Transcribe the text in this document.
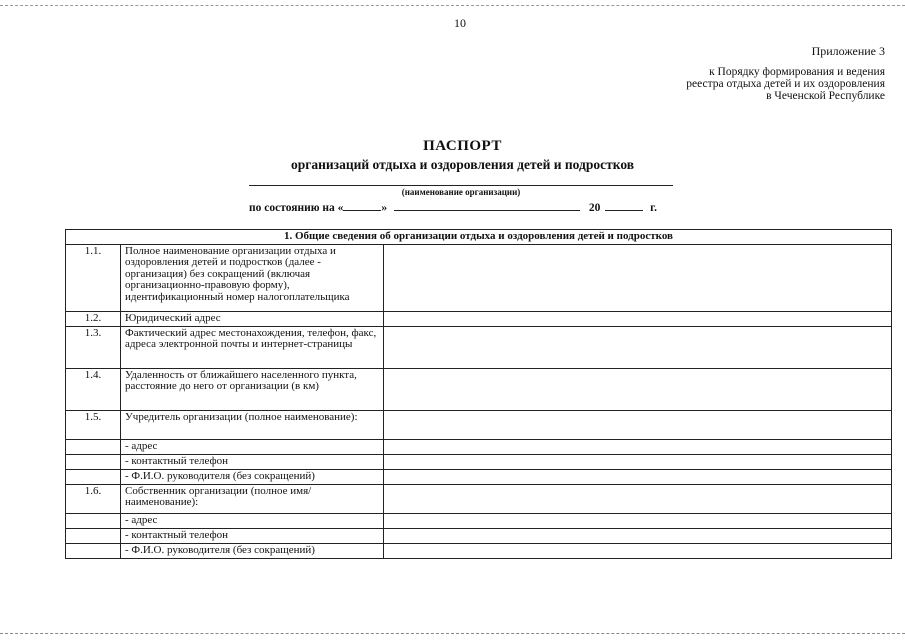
10
Приложение 3
к Порядку формирования и ведения
реестра отдыха детей и их оздоровления
в Чеченской Республике
ПАСПОРТ
организаций отдыха и оздоровления детей и подростков
(наименование организации)
по состоянию на «	»	20	г.
1. Общие сведения об организации отдыха и оздоровления детей и подростков		
1.1.	Полное наименование организации отдыха и оздоровления детей и подростков (далее - организация) без сокращений (включая организационно-правовую форму), идентификационный номер налогоплательщика	
1.2.	Юридический адрес	
1.3.	Фактический адрес местонахождения, телефон, факс, адреса электронной почты и интернет-страницы	
1.4.	Удаленность от ближайшего населенного пункта, расстояние до него от организации (в км)	
1.5.	Учредитель организации (полное наименование):	
	- адрес	
	- контактный телефон	
	- Ф.И.О. руководителя (без сокращений)	
1.6.	Собственник организации (полное имя/наименование):	
	- адрес	
	- контактный телефон	
	- Ф.И.О. руководителя (без сокращений)	
